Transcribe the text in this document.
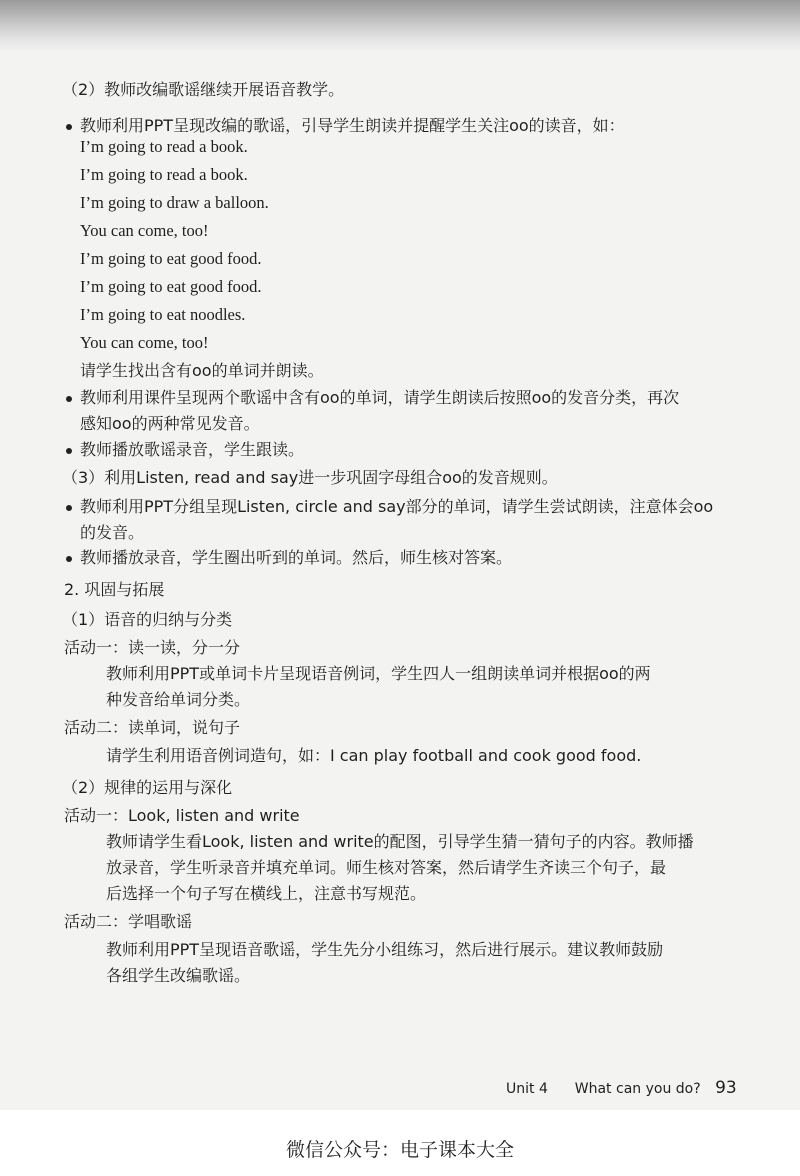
（2）教师改编歌谣继续开展语音教学。
教师利用PPT呈现改编的歌谣，引导学生朗读并提醒学生关注oo的读音，如：
I’m going to read a book.
I’m going to read a book.
I’m going to draw a balloon.
You can come, too!
I’m going to eat good food.
I’m going to eat good food.
I’m going to eat noodles.
You can come, too!
请学生找出含有oo的单词并朗读。
教师利用课件呈现两个歌谣中含有oo的单词，请学生朗读后按照oo的发音分类，再次
感知oo的两种常见发音。
教师播放歌谣录音，学生跟读。
（3）利用Listen, read and say进一步巩固字母组合oo的发音规则。
教师利用PPT分组呈现Listen, circle and say部分的单词，请学生尝试朗读，注意体会oo
的发音。
教师播放录音，学生圈出听到的单词。然后，师生核对答案。
2. 巩固与拓展
（1）语音的归纳与分类
活动一：读一读，分一分
教师利用PPT或单词卡片呈现语音例词，学生四人一组朗读单词并根据oo的两
种发音给单词分类。
活动二：读单词，说句子
请学生利用语音例词造句，如：I can play football and cook good food.
（2）规律的运用与深化
活动一：Look, listen and write
教师请学生看Look, listen and write的配图，引导学生猜一猜句子的内容。教师播
放录音，学生听录音并填充单词。师生核对答案，然后请学生齐读三个句子，最
后选择一个句子写在横线上，注意书写规范。
活动二：学唱歌谣
教师利用PPT呈现语音歌谣，学生先分小组练习，然后进行展示。建议教师鼓励
各组学生改编歌谣。
Unit 4 What can you do? 93
微信公众号：电子课本大全
